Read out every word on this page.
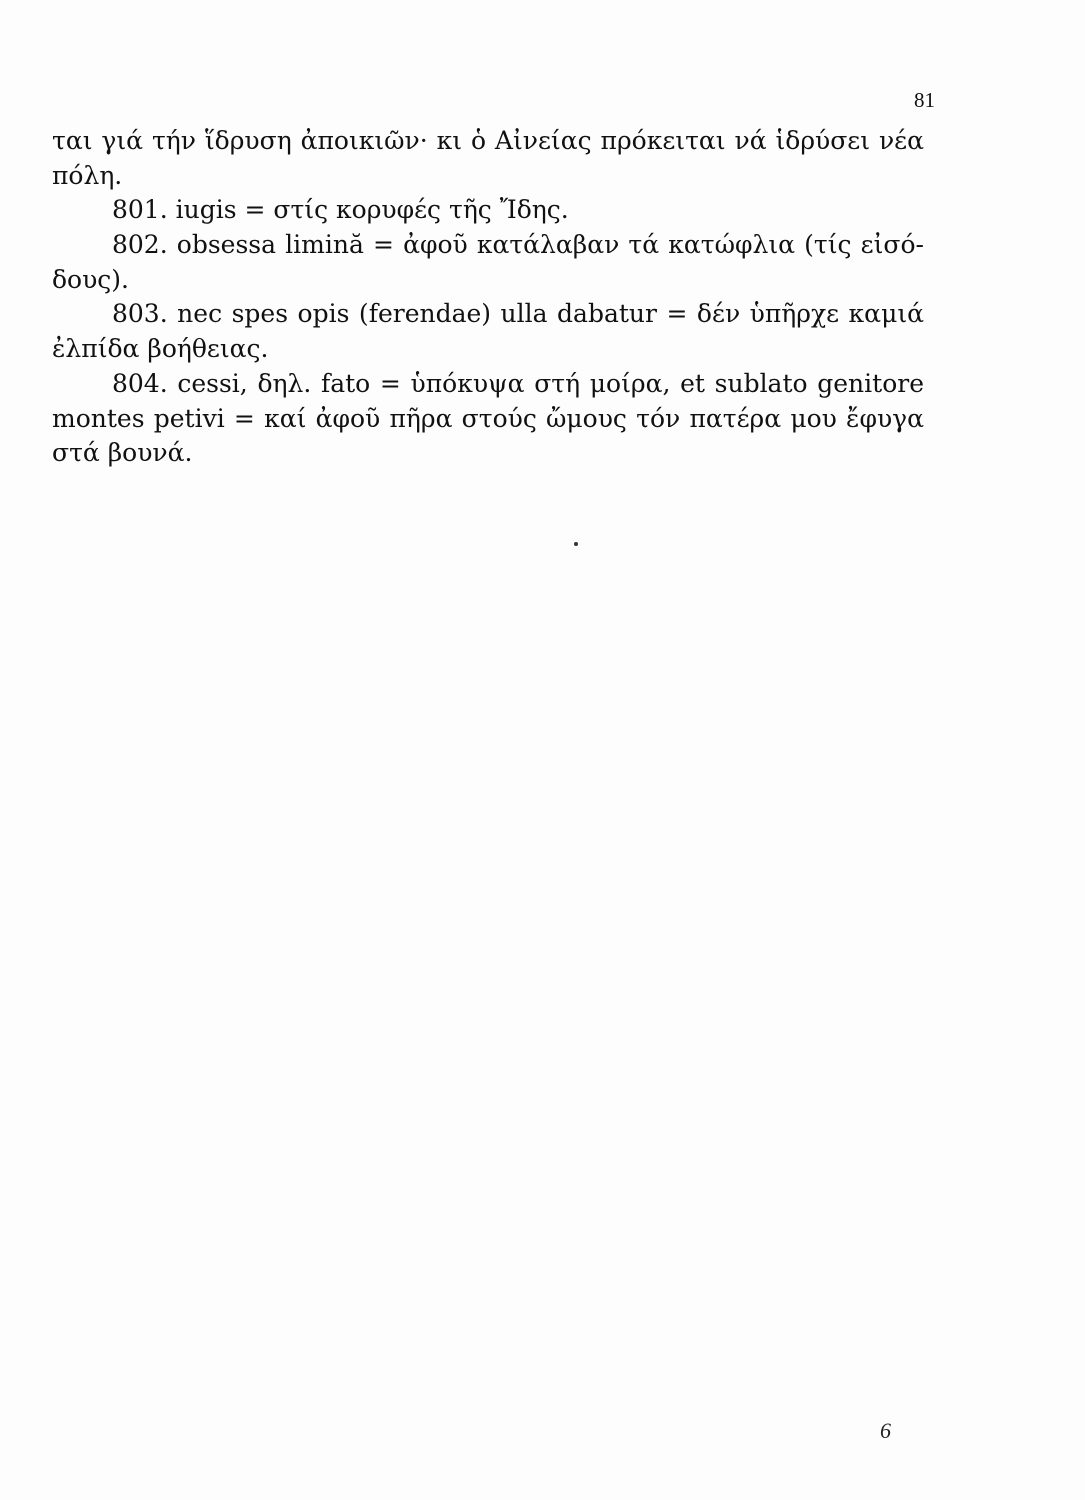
81
ται γιά τήν ἵδρυση ἀποικιῶν· κι ὁ Αἰνείας πρόκειται νά ἱδρύσει νέα
πόλη.
801. iugis = στίς κορυφές τῆς Ἴδης.
802. obsessa limină = ἀφοῦ κατάλαβαν τά κατώφλια (τίς εἰσό-
δους).
803. nec spes opis (ferendae) ulla dabatur = δέν ὑπῆρχε καμιά
ἐλπίδα βοήθειας.
804. cessi, δηλ. fato = ὑπόκυψα στή μοίρα, et sublato genitore
montes petivi = καί ἀφοῦ πῆρα στούς ὤμους τόν πατέρα μου ἔφυγα
στά βουνά.
6
